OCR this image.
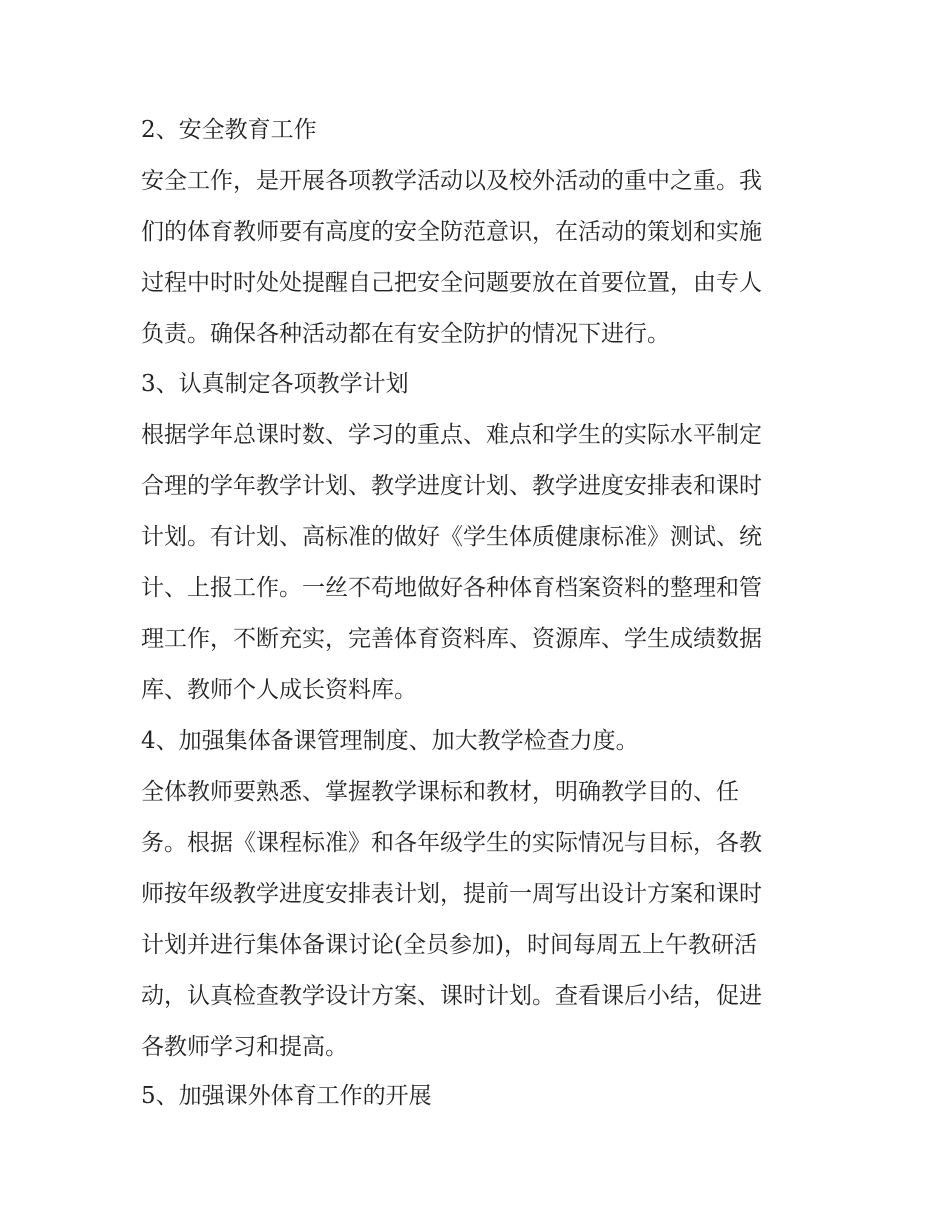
2、安全教育工作
安全工作，是开展各项教学活动以及校外活动的重中之重。我
们的体育教师要有高度的安全防范意识，在活动的策划和实施
过程中时时处处提醒自己把安全问题要放在首要位置，由专人
负责。确保各种活动都在有安全防护的情况下进行。
3、认真制定各项教学计划
根据学年总课时数、学习的重点、难点和学生的实际水平制定
合理的学年教学计划、教学进度计划、教学进度安排表和课时
计划。有计划、高标准的做好《学生体质健康标准》测试、统
计、上报工作。一丝不苟地做好各种体育档案资料的整理和管
理工作，不断充实，完善体育资料库、资源库、学生成绩数据
库、教师个人成长资料库。
4、加强集体备课管理制度、加大教学检查力度。
全体教师要熟悉、掌握教学课标和教材，明确教学目的、任
务。根据《课程标准》和各年级学生的实际情况与目标，各教
师按年级教学进度安排表计划，提前一周写出设计方案和课时
计划并进行集体备课讨论(全员参加)，时间每周五上午教研活
动，认真检查教学设计方案、课时计划。查看课后小结，促进
各教师学习和提高。
5、加强课外体育工作的开展
